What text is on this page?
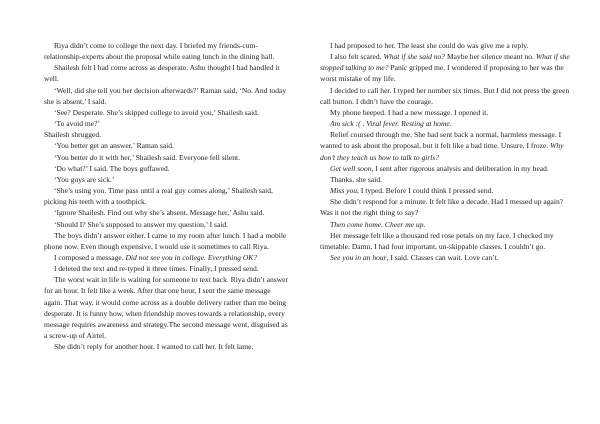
Riya didn’t come to college the next day. I briefed my friends-cum-relationship-experts about the proposal while eating lunch in the dining hall.

Shailesh felt I had come across as desperate. Ashu thought I had handled it well.

‘Well, did she tell you her decision afterwards?’ Raman said, ‘No. And today she is absent,’ I said.

‘See? Desperate. She’s skipped college to avoid you,’ Shailesh said.

‘To avoid me?’

Shailesh shrugged.

‘You better get an answer,’ Raman said.

‘You better do it with her,’ Shailesh said. Everyone fell silent.

‘Do what?’ I said. The boys guffawed.

‘You guys are sick.’

‘She’s using you. Time pass until a real guy comes along,’ Shailesh said, picking his teeth with a toothpick.

‘Ignore Shailesh. Find out why she’s absent. Message her,’ Ashu said.

‘Should I? She’s supposed to answer my question,’ I said.

The boys didn’t answer either. I came to my room after lunch. I had a mobile phone now. Even though expensive, I would use it sometimes to call Riya.

I composed a message. Did not see you in college. Everything OK?

I deleted the text and re-typed it three times. Finally, I pressed send.

The worst wait in life is waiting for someone to text back. Riya didn’t answer for an hour. It felt like a week. After that one hour, I sent the same message again. That way, it would come across as a double delivery rather than me being desperate. It is funny how, when friendship moves towards a relationship, every message requires awareness and strategy.The second message went, disguised as a screw-up of Airtel.

She didn’t reply for another hour. I wanted to call her. It felt lame.

I had proposed to her. The least she could do was give me a reply.

I also felt scared. What if she said no? Maybe her silence meant no. What if she stopped talking to me? Panic gripped me. I wondered if proposing to her was the worst mistake of my life.

I decided to call her. I typed her number six times. But I did not press the green call button. I didn’t have the courage.

My phone beeped. I had a new message. I opened it.

Am sick :( . Viral fever. Resting at home.

Relief coursed through me. She had sent back a normal, harmless message. I wanted to ask about the proposal, but it felt like a bad time. Unsure, I froze. Why don’t they teach us how to talk to girls?

Get well soon, I sent after rigorous analysis and deliberation in my head.

Thanks, she said.

Miss you, I typed. Before I could think I pressed send.

She didn’t respond for a minute. It felt like a decade. Had I messed up again? Was it not the right thing to say?

Then come home. Cheer me up.

Her message felt like a thousand red rose petals on my face. I checked my timetable. Damn, I had four important, un-skippable classes. I couldn’t go.

See you in an hour, I said. Classes can wait. Love can’t.
